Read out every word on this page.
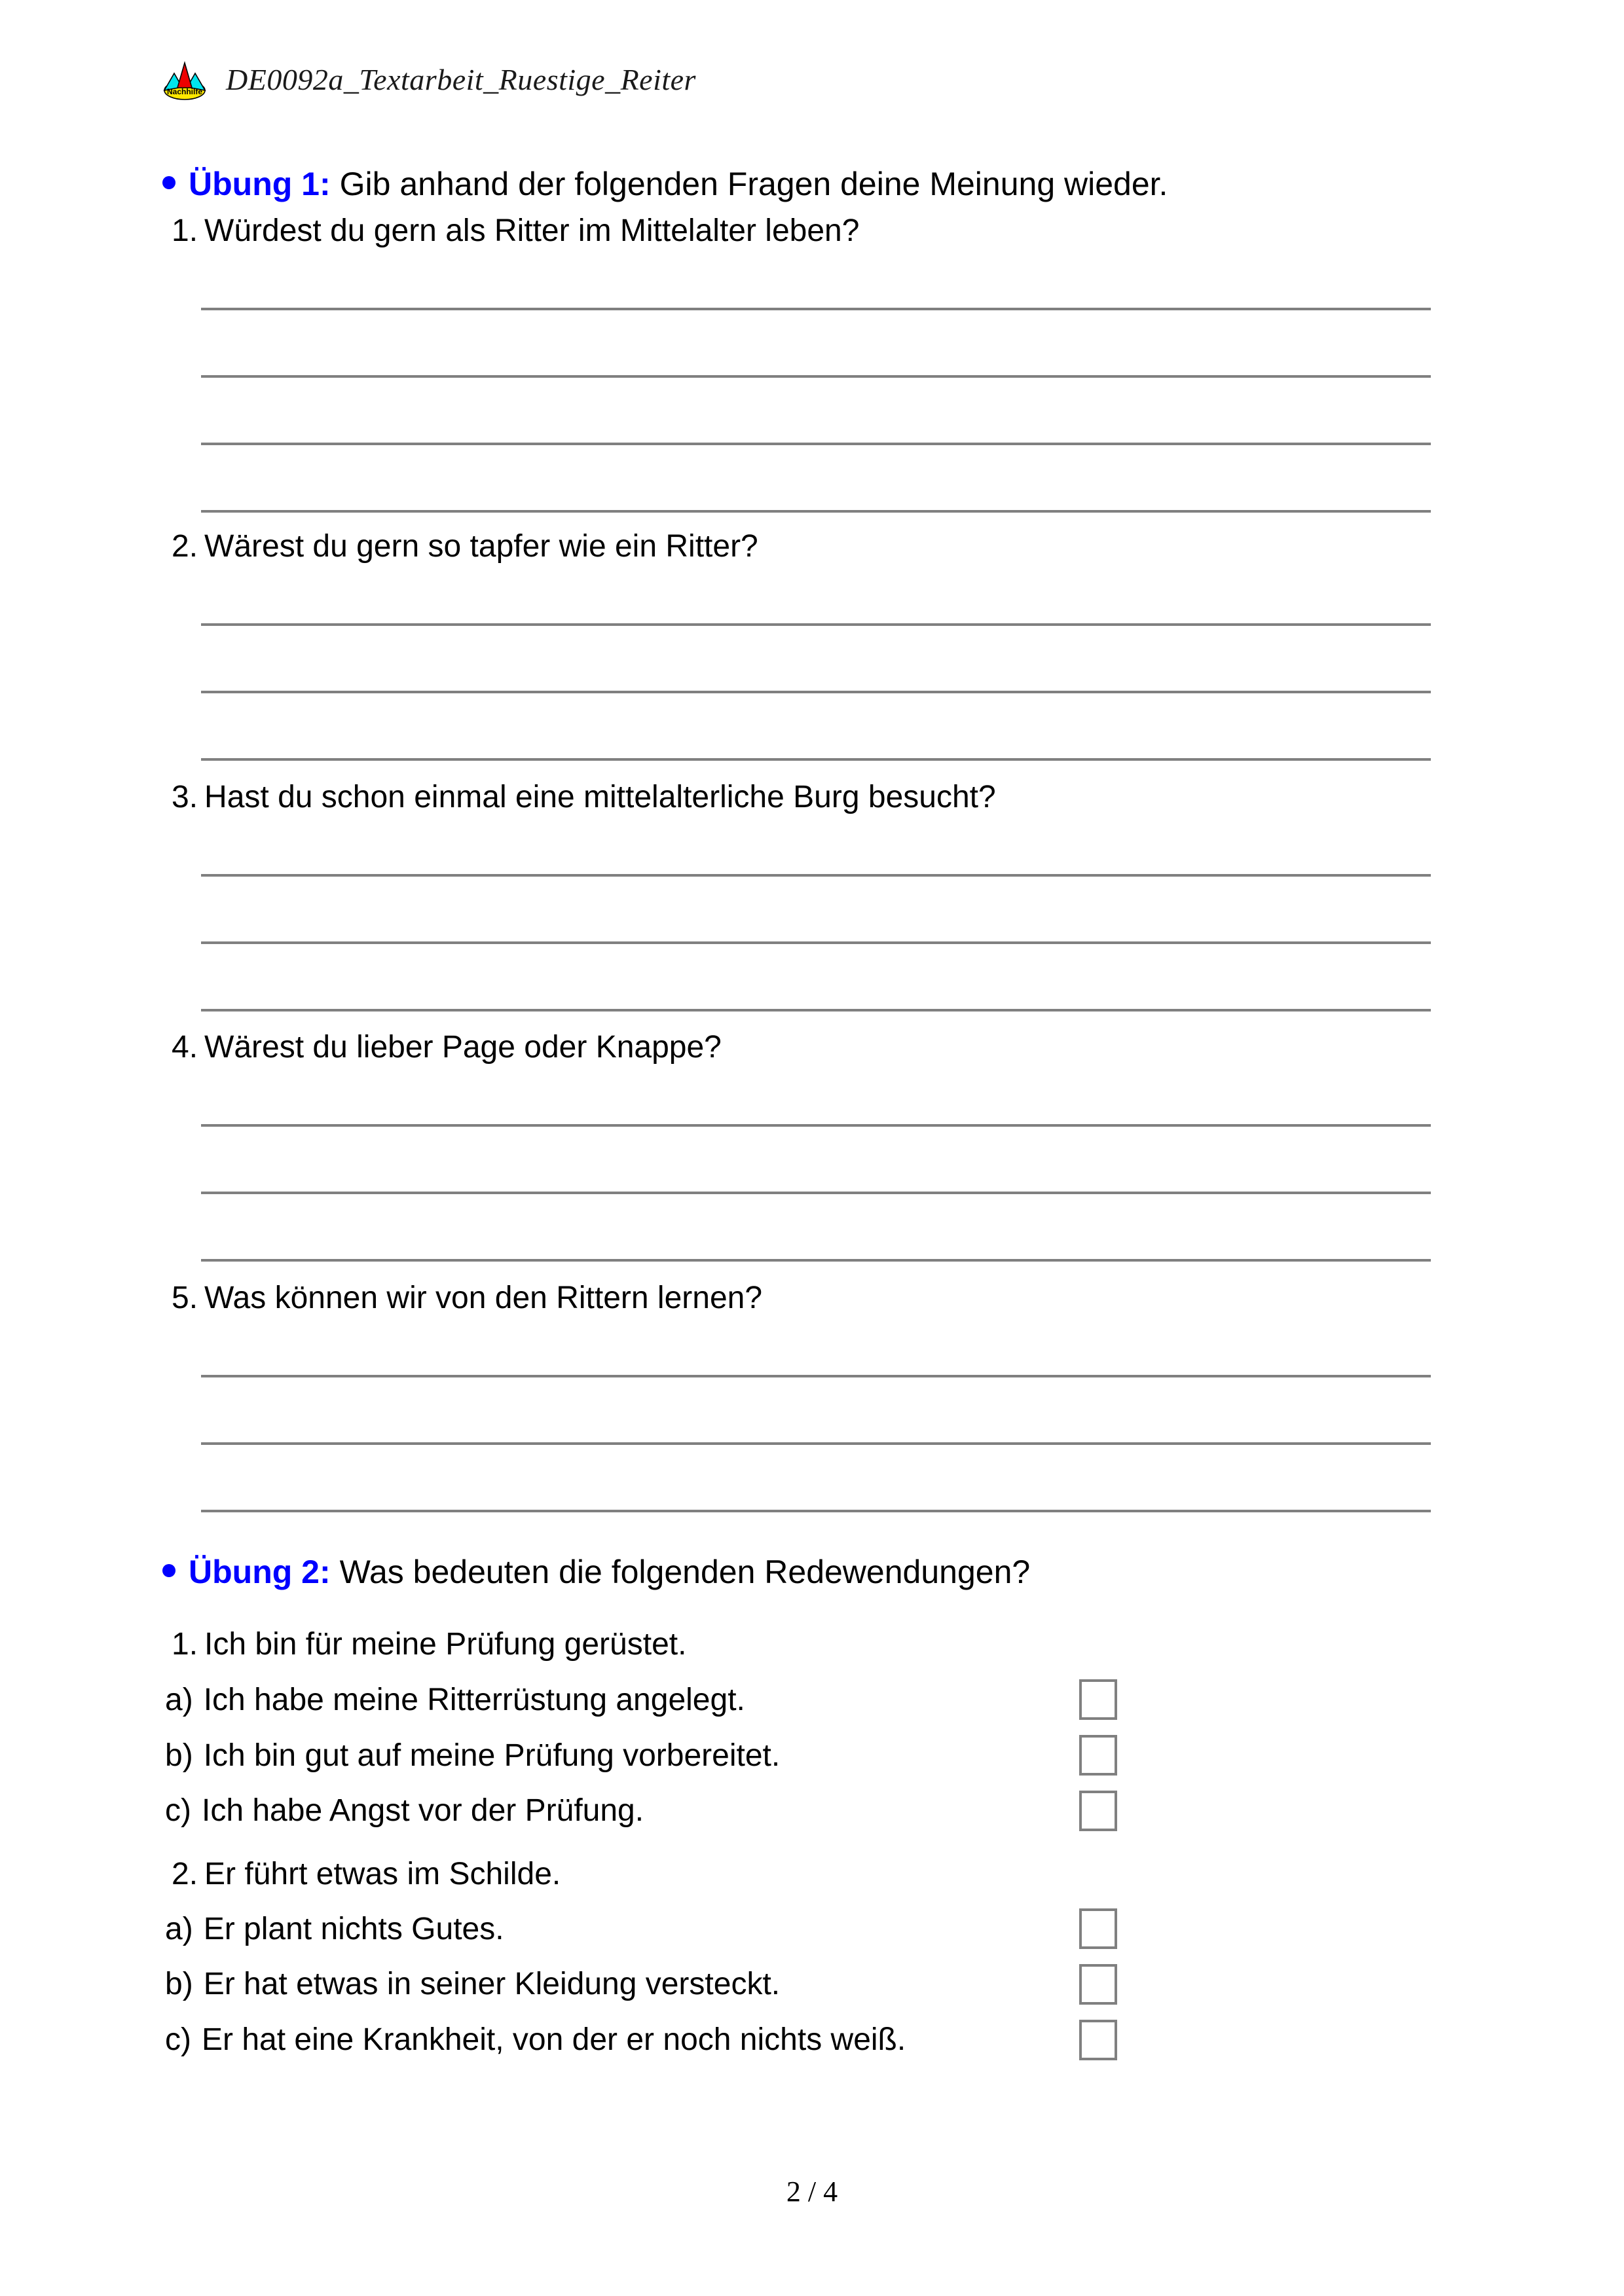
Nachhilfe DE0092a_Textarbeit_Ruestige_Reiter
Übung 1: Gib anhand der folgenden Fragen deine Meinung wieder.
1. Würdest du gern als Ritter im Mittelalter leben?
2. Wärest du gern so tapfer wie ein Ritter?
3. Hast du schon einmal eine mittelalterliche Burg besucht?
4. Wärest du lieber Page oder Knappe?
5. Was können wir von den Rittern lernen?
Übung 2: Was bedeuten die folgenden Redewendungen?
1. Ich bin für meine Prüfung gerüstet.
a) Ich habe meine Ritterrüstung angelegt.
b) Ich bin gut auf meine Prüfung vorbereitet.
c) Ich habe Angst vor der Prüfung.
2. Er führt etwas im Schilde.
a) Er plant nichts Gutes.
b) Er hat etwas in seiner Kleidung versteckt.
c) Er hat eine Krankheit, von der er noch nichts weiß.
2 / 4
